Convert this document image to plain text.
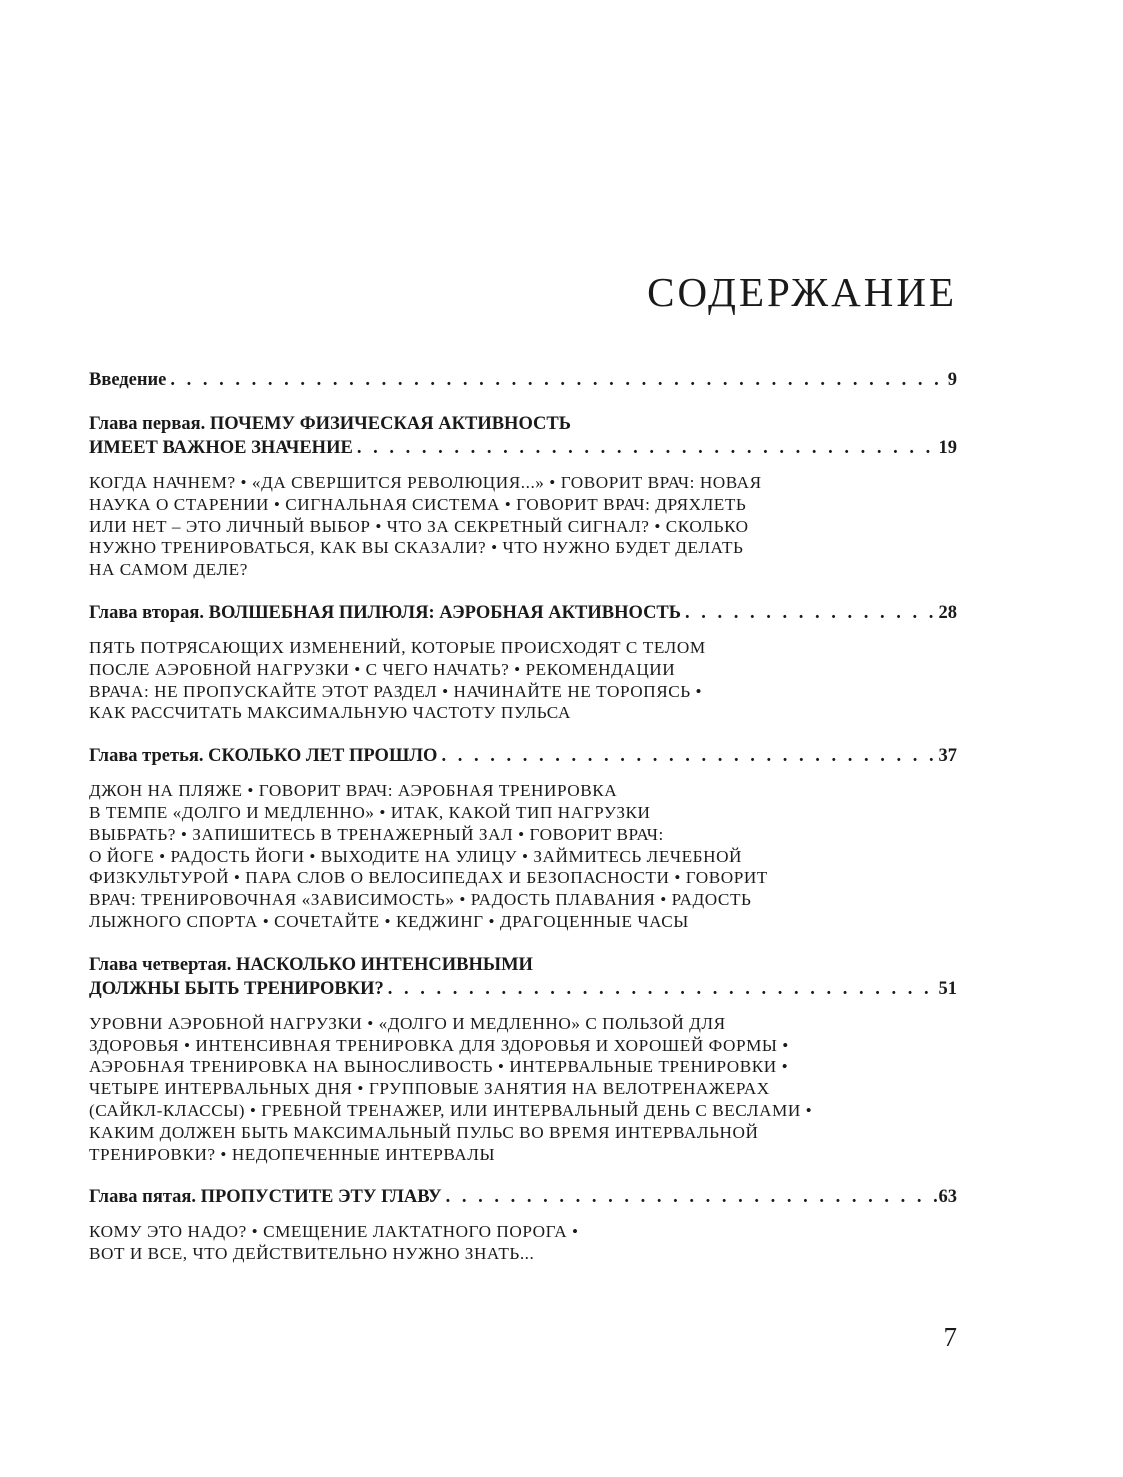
СОДЕРЖАНИЕ
Введение . . .	9
Глава первая. ПОЧЕМУ ФИЗИЧЕСКАЯ АКТИВНОСТЬ
ИМЕЕТ ВАЖНОЕ ЗНАЧЕНИЕ . . .	19
КОГДА НАЧНЕМ? • «ДА СВЕРШИТСЯ РЕВОЛЮЦИЯ...» • ГОВОРИТ ВРАЧ: НОВАЯ
НАУКА О СТАРЕНИИ • СИГНАЛЬНАЯ СИСТЕМА • ГОВОРИТ ВРАЧ: ДРЯХЛЕТЬ
ИЛИ НЕТ – ЭТО ЛИЧНЫЙ ВЫБОР • ЧТО ЗА СЕКРЕТНЫЙ СИГНАЛ? • СКОЛЬКО
НУЖНО ТРЕНИРОВАТЬСЯ, КАК ВЫ СКАЗАЛИ? • ЧТО НУЖНО БУДЕТ ДЕЛАТЬ
НА САМОМ ДЕЛЕ?
Глава вторая. ВОЛШЕБНАЯ ПИЛЮЛЯ: АЭРОБНАЯ АКТИВНОСТЬ . . .	28
ПЯТЬ ПОТРЯСАЮЩИХ ИЗМЕНЕНИЙ, КОТОРЫЕ ПРОИСХОДЯТ С ТЕЛОМ
ПОСЛЕ АЭРОБНОЙ НАГРУЗКИ • С ЧЕГО НАЧАТЬ? • РЕКОМЕНДАЦИИ
ВРАЧА: НЕ ПРОПУСКАЙТЕ ЭТОТ РАЗДЕЛ • НАЧИНАЙТЕ НЕ ТОРОПЯСЬ •
КАК РАССЧИТАТЬ МАКСИМАЛЬНУЮ ЧАСТОТУ ПУЛЬСА
Глава третья. СКОЛЬКО ЛЕТ ПРОШЛО . . .	37
ДЖОН НА ПЛЯЖЕ • ГОВОРИТ ВРАЧ: АЭРОБНАЯ ТРЕНИРОВКА
В ТЕМПЕ «ДОЛГО И МЕДЛЕННО» • ИТАК, КАКОЙ ТИП НАГРУЗКИ
ВЫБРАТЬ? • ЗАПИШИТЕСЬ В ТРЕНАЖЕРНЫЙ ЗАЛ • ГОВОРИТ ВРАЧ:
О ЙОГЕ • РАДОСТЬ ЙОГИ • ВЫХОДИТЕ НА УЛИЦУ • ЗАЙМИТЕСЬ ЛЕЧЕБНОЙ
ФИЗКУЛЬТУРОЙ • ПАРА СЛОВ О ВЕЛОСИПЕДАХ И БЕЗОПАСНОСТИ • ГОВОРИТ
ВРАЧ: ТРЕНИРОВОЧНАЯ «ЗАВИСИМОСТЬ» • РАДОСТЬ ПЛАВАНИЯ • РАДОСТЬ
ЛЫЖНОГО СПОРТА • СОЧЕТАЙТЕ • КЕДЖИНГ • ДРАГОЦЕННЫЕ ЧАСЫ
Глава четвертая. НАСКОЛЬКО ИНТЕНСИВНЫМИ
ДОЛЖНЫ БЫТЬ ТРЕНИРОВКИ? . . .	51
УРОВНИ АЭРОБНОЙ НАГРУЗКИ • «ДОЛГО И МЕДЛЕННО» С ПОЛЬЗОЙ ДЛЯ
ЗДОРОВЬЯ • ИНТЕНСИВНАЯ ТРЕНИРОВКА ДЛЯ ЗДОРОВЬЯ И ХОРОШЕЙ ФОРМЫ •
АЭРОБНАЯ ТРЕНИРОВКА НА ВЫНОСЛИВОСТЬ • ИНТЕРВАЛЬНЫЕ ТРЕНИРОВКИ •
ЧЕТЫРЕ ИНТЕРВАЛЬНЫХ ДНЯ • ГРУППОВЫЕ ЗАНЯТИЯ НА ВЕЛОТРЕНАЖЕРАХ
(САЙКЛ-КЛАССЫ) • ГРЕБНОЙ ТРЕНАЖЕР, ИЛИ ИНТЕРВАЛЬНЫЙ ДЕНЬ С ВЕСЛАМИ •
КАКИМ ДОЛЖЕН БЫТЬ МАКСИМАЛЬНЫЙ ПУЛЬС ВО ВРЕМЯ ИНТЕРВАЛЬНОЙ
ТРЕНИРОВКИ? • НЕДОПЕЧЕННЫЕ ИНТЕРВАЛЫ
Глава пятая. ПРОПУСТИТЕ ЭТУ ГЛАВУ . . .	63
КОМУ ЭТО НАДО? • СМЕЩЕНИЕ ЛАКТАТНОГО ПОРОГА •
ВОТ И ВСЕ, ЧТО ДЕЙСТВИТЕЛЬНО НУЖНО ЗНАТЬ...

7
